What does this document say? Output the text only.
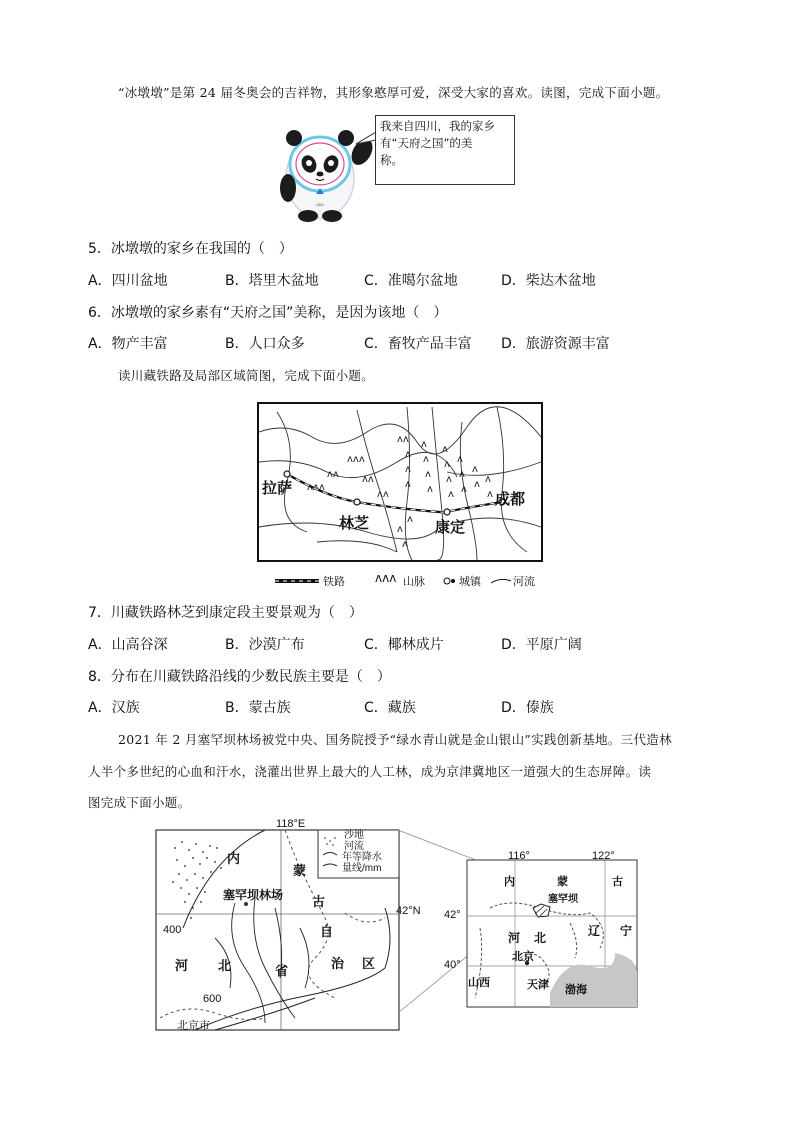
“冰墩墩”是第 24 届冬奥会的吉祥物，其形象憨厚可爱，深受大家的喜欢。读图，完成下面小题。
ooo
我来自四川，我的家乡
有“天府之国”的美
称。
5．冰墩墩的家乡在我国的（　）
A．四川盆地	B．塔里木盆地	C．准噶尔盆地	D．柴达木盆地
6．冰墩墩的家乡素有“天府之国”美称，是因为该地（　）
A．物产丰富	B．人口众多	C．畜牧产品丰富 D．旅游资源丰富
读川藏铁路及局部区域简图，完成下面小题。
ʌʌʌ
ʌʌ
ʌʌʌ
ʌʌ
ʌʌ
ʌʌ
ʌ
ʌ
ʌ
ʌ
ʌ
ʌ
ʌ
ʌ
ʌ
ʌ
ʌ
ʌ
ʌ
ʌ
ʌ
ʌ ʌ
ʌ
ʌ
ʌ
ʌ
拉萨
林芝	康定
成都
铁路	ʌʌʌ 山脉	城镇	河流
7．川藏铁路林芝到康定段主要景观为（　）
A．山高谷深	B．沙漠广布	C．椰林成片	D．平原广阔
8．分布在川藏铁路沿线的少数民族主要是（　）
A．汉族	B．蒙古族	C．藏族	D．傣族
2021 年 2 月塞罕坝林场被党中央、国务院授予“绿水青山就是金山银山”实践创新基地。三代造林
人半个多世纪的心血和汗水，浇灌出世界上最大的人工林，成为京津冀地区一道强大的生态屏障。读
图完成下面小题。
118°E
42°N
沙地
河流
年等降水
量线/mm
内
蒙
古
自
治 区
河 北	省
塞罕坝林场
400
600
北京市
116°	122°
42°
40°
内	蒙	古
塞罕坝
河 北	辽 宁
北京
山西	天津 渤海
